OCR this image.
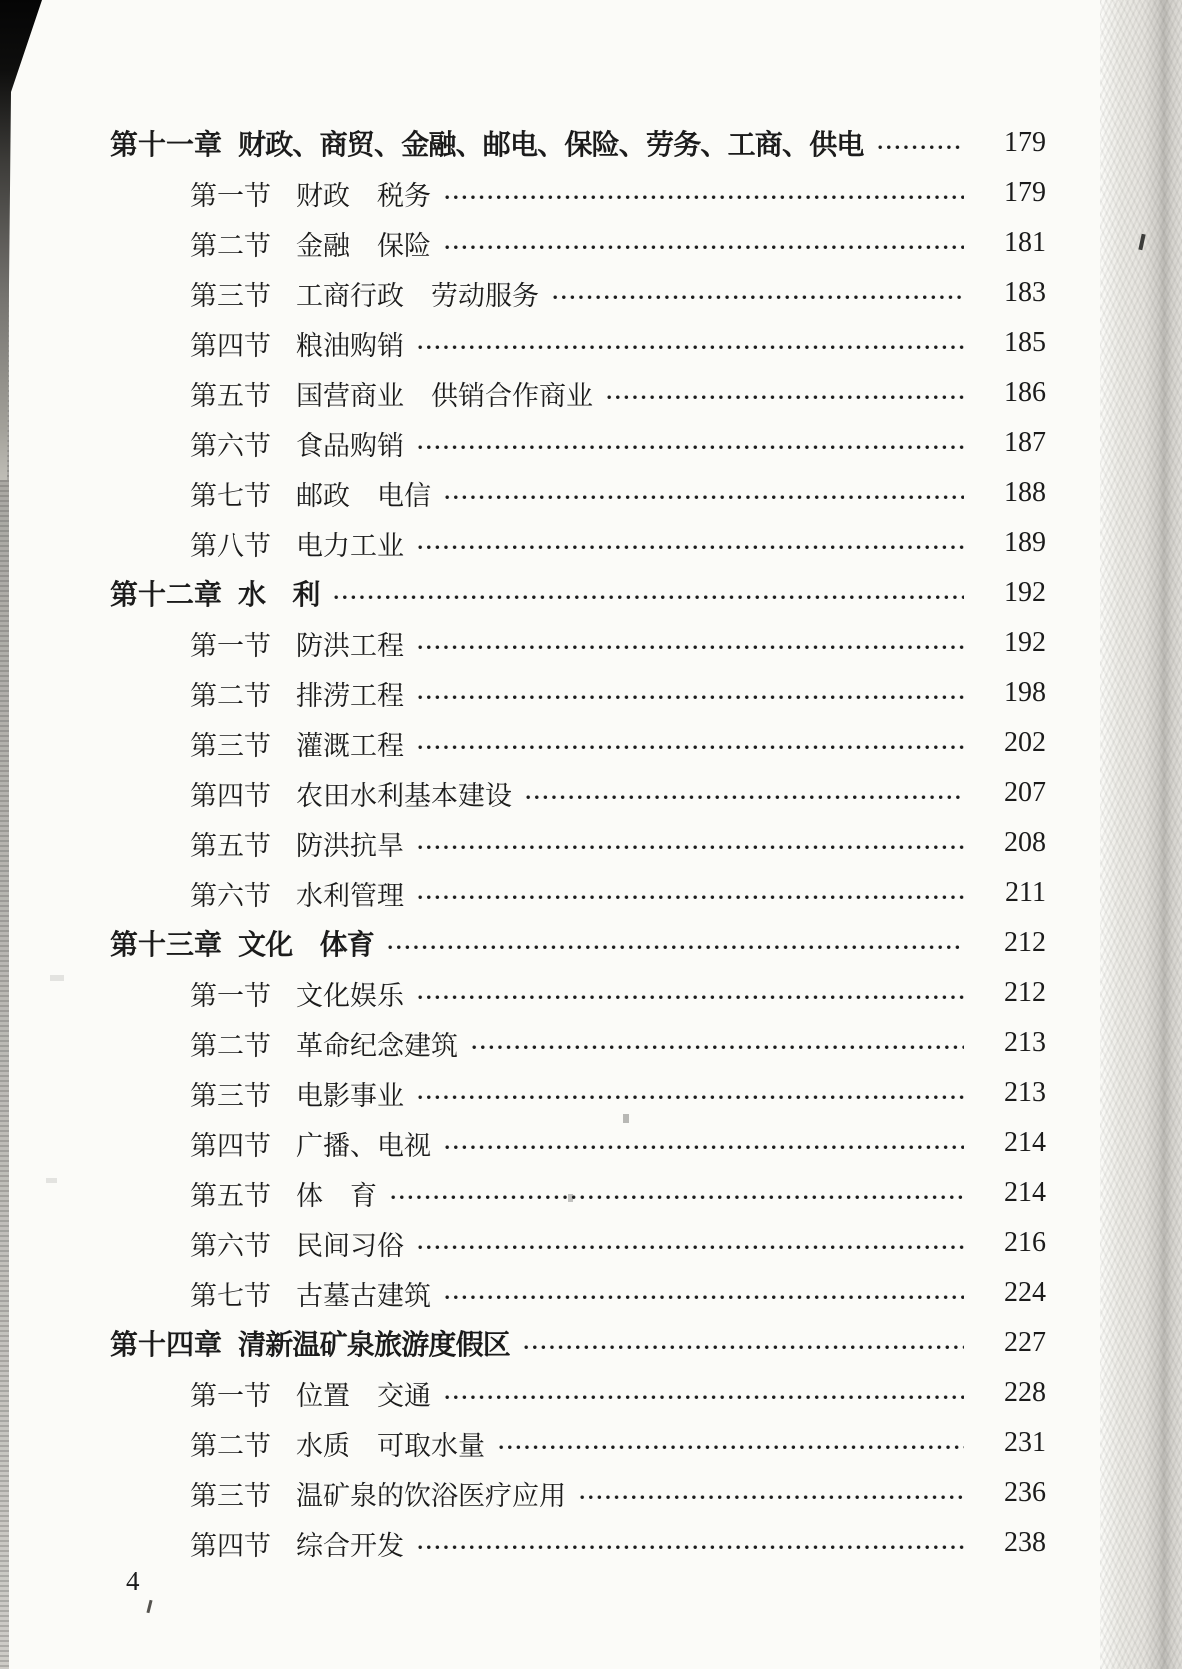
第十一章 财政、商贸、金融、邮电、保险、劳务、工商、供电	179
第一节 财政　税务	179
第二节 金融　保险	181
第三节 工商行政　劳动服务	183
第四节 粮油购销	185
第五节 国营商业　供销合作商业	186
第六节 食品购销	187
第七节 邮政　电信	188
第八节 电力工业	189
第十二章 水　利	192
第一节 防洪工程	192
第二节 排涝工程	198
第三节 灌溉工程	202
第四节 农田水利基本建设	207
第五节 防洪抗旱	208
第六节 水利管理	211
第十三章 文化　体育	212
第一节 文化娱乐	212
第二节 革命纪念建筑	213
第三节 电影事业	213
第四节 广播、电视	214
第五节 体　育	214
第六节 民间习俗	216
第七节 古墓古建筑	224
第十四章 清新温矿泉旅游度假区	227
第一节 位置　交通	228
第二节 水质　可取水量	231
第三节 温矿泉的饮浴医疗应用	236
第四节 综合开发	238
4
